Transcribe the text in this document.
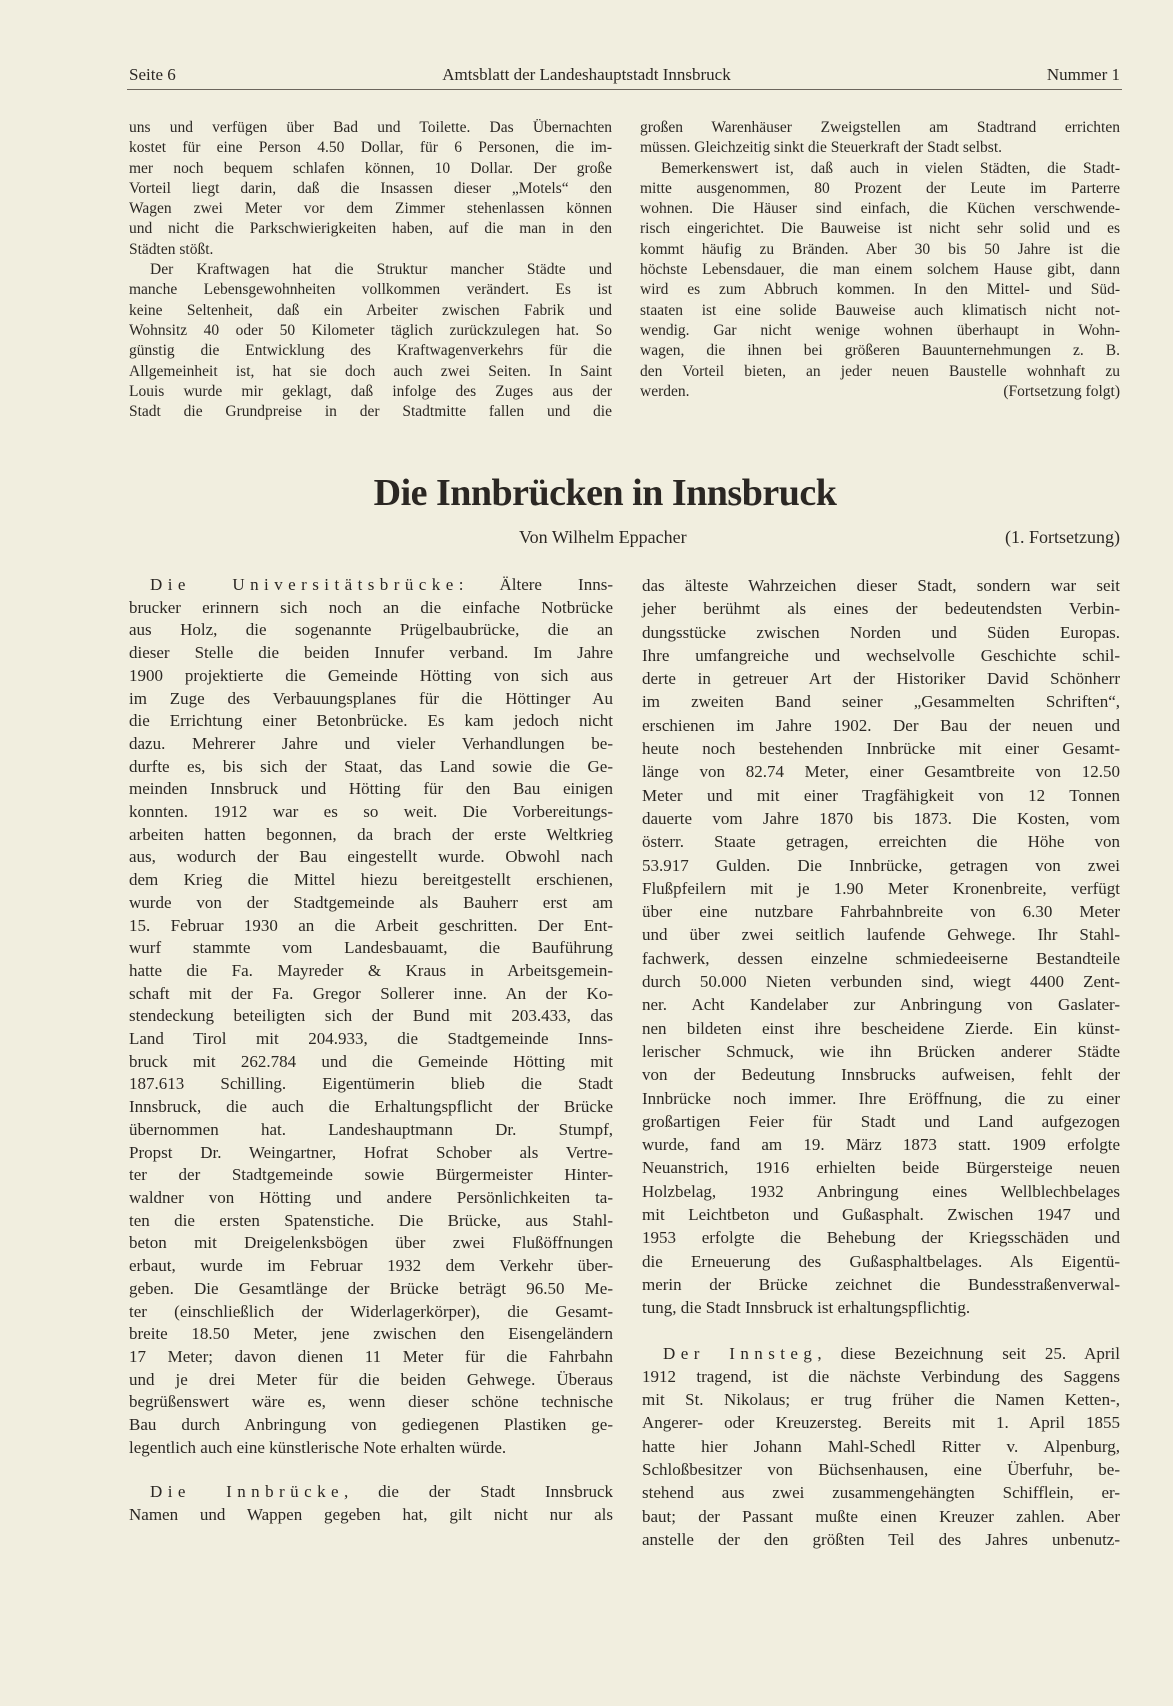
Seite 6	Amtsblatt der Landeshauptstadt Innsbruck	Nummer 1
uns und verfügen über Bad und Toilette. Das Übernachten
kostet für eine Person 4.50 Dollar, für 6 Personen, die im-
mer noch bequem schlafen können, 10 Dollar. Der große
Vorteil liegt darin, daß die Insassen dieser „Motels“ den
Wagen zwei Meter vor dem Zimmer stehenlassen können
und nicht die Parkschwierigkeiten haben, auf die man in den
Städten stößt.
Der Kraftwagen hat die Struktur mancher Städte und
manche Lebensgewohnheiten vollkommen verändert. Es ist
keine Seltenheit, daß ein Arbeiter zwischen Fabrik und
Wohnsitz 40 oder 50 Kilometer täglich zurückzulegen hat. So
günstig die Entwicklung des Kraftwagenverkehrs für die
Allgemeinheit ist, hat sie doch auch zwei Seiten. In Saint
Louis wurde mir geklagt, daß infolge des Zuges aus der
Stadt die Grundpreise in der Stadtmitte fallen und die
großen Warenhäuser Zweigstellen am Stadtrand errichten
müssen. Gleichzeitig sinkt die Steuerkraft der Stadt selbst.
Bemerkenswert ist, daß auch in vielen Städten, die Stadt-
mitte ausgenommen, 80 Prozent der Leute im Parterre
wohnen. Die Häuser sind einfach, die Küchen verschwende-
risch eingerichtet. Die Bauweise ist nicht sehr solid und es
kommt häufig zu Bränden. Aber 30 bis 50 Jahre ist die
höchste Lebensdauer, die man einem solchem Hause gibt, dann
wird es zum Abbruch kommen. In den Mittel- und Süd-
staaten ist eine solide Bauweise auch klimatisch nicht not-
wendig. Gar nicht wenige wohnen überhaupt in Wohn-
wagen, die ihnen bei größeren Bauunternehmungen z. B.
den Vorteil bieten, an jeder neuen Baustelle wohnhaft zu
werden.	(Fortsetzung folgt)
Die Innbrücken in Innsbruck
Von Wilhelm Eppacher	(1. Fortsetzung)
Die Universitätsbrücke: Ältere Inns-
brucker erinnern sich noch an die einfache Notbrücke
aus Holz, die sogenannte Prügelbaubrücke, die an
dieser Stelle die beiden Innufer verband. Im Jahre
1900 projektierte die Gemeinde Hötting von sich aus
im Zuge des Verbauungsplanes für die Höttinger Au
die Errichtung einer Betonbrücke. Es kam jedoch nicht
dazu. Mehrerer Jahre und vieler Verhandlungen be-
durfte es, bis sich der Staat, das Land sowie die Ge-
meinden Innsbruck und Hötting für den Bau einigen
konnten. 1912 war es so weit. Die Vorbereitungs-
arbeiten hatten begonnen, da brach der erste Weltkrieg
aus, wodurch der Bau eingestellt wurde. Obwohl nach
dem Krieg die Mittel hiezu bereitgestellt erschienen,
wurde von der Stadtgemeinde als Bauherr erst am
15. Februar 1930 an die Arbeit geschritten. Der Ent-
wurf stammte vom Landesbauamt, die Bauführung
hatte die Fa. Mayreder & Kraus in Arbeitsgemein-
schaft mit der Fa. Gregor Sollerer inne. An der Ko-
stendeckung beteiligten sich der Bund mit 203.433, das
Land Tirol mit 204.933, die Stadtgemeinde Inns-
bruck mit 262.784 und die Gemeinde Hötting mit
187.613 Schilling. Eigentümerin blieb die Stadt
Innsbruck, die auch die Erhaltungspflicht der Brücke
übernommen hat. Landeshauptmann Dr. Stumpf,
Propst Dr. Weingartner, Hofrat Schober als Vertre-
ter der Stadtgemeinde sowie Bürgermeister Hinter-
waldner von Hötting und andere Persönlichkeiten ta-
ten die ersten Spatenstiche. Die Brücke, aus Stahl-
beton mit Dreigelenksbögen über zwei Flußöffnungen
erbaut, wurde im Februar 1932 dem Verkehr über-
geben. Die Gesamtlänge der Brücke beträgt 96.50 Me-
ter (einschließlich der Widerlagerkörper), die Gesamt-
breite 18.50 Meter, jene zwischen den Eisengeländern
17 Meter; davon dienen 11 Meter für die Fahrbahn
und je drei Meter für die beiden Gehwege. Überaus
begrüßenswert wäre es, wenn dieser schöne technische
Bau durch Anbringung von gediegenen Plastiken ge-
legentlich auch eine künstlerische Note erhalten würde.
Die Innbrücke, die der Stadt Innsbruck
Namen und Wappen gegeben hat, gilt nicht nur als
das älteste Wahrzeichen dieser Stadt, sondern war seit
jeher berühmt als eines der bedeutendsten Verbin-
dungsstücke zwischen Norden und Süden Europas.
Ihre umfangreiche und wechselvolle Geschichte schil-
derte in getreuer Art der Historiker David Schönherr
im zweiten Band seiner „Gesammelten Schriften“,
erschienen im Jahre 1902. Der Bau der neuen und
heute noch bestehenden Innbrücke mit einer Gesamt-
länge von 82.74 Meter, einer Gesamtbreite von 12.50
Meter und mit einer Tragfähigkeit von 12 Tonnen
dauerte vom Jahre 1870 bis 1873. Die Kosten, vom
österr. Staate getragen, erreichten die Höhe von
53.917 Gulden. Die Innbrücke, getragen von zwei
Flußpfeilern mit je 1.90 Meter Kronenbreite, verfügt
über eine nutzbare Fahrbahnbreite von 6.30 Meter
und über zwei seitlich laufende Gehwege. Ihr Stahl-
fachwerk, dessen einzelne schmiedeeiserne Bestandteile
durch 50.000 Nieten verbunden sind, wiegt 4400 Zent-
ner. Acht Kandelaber zur Anbringung von Gaslater-
nen bildeten einst ihre bescheidene Zierde. Ein künst-
lerischer Schmuck, wie ihn Brücken anderer Städte
von der Bedeutung Innsbrucks aufweisen, fehlt der
Innbrücke noch immer. Ihre Eröffnung, die zu einer
großartigen Feier für Stadt und Land aufgezogen
wurde, fand am 19. März 1873 statt. 1909 erfolgte
Neuanstrich, 1916 erhielten beide Bürgersteige neuen
Holzbelag, 1932 Anbringung eines Wellblechbelages
mit Leichtbeton und Gußasphalt. Zwischen 1947 und
1953 erfolgte die Behebung der Kriegsschäden und
die Erneuerung des Gußasphaltbelages. Als Eigentü-
merin der Brücke zeichnet die Bundesstraßenverwal-
tung, die Stadt Innsbruck ist erhaltungspflichtig.
Der Innsteg, diese Bezeichnung seit 25. April
1912 tragend, ist die nächste Verbindung des Saggens
mit St. Nikolaus; er trug früher die Namen Ketten-,
Angerer- oder Kreuzersteg. Bereits mit 1. April 1855
hatte hier Johann Mahl-Schedl Ritter v. Alpenburg,
Schloßbesitzer von Büchsenhausen, eine Überfuhr, be-
stehend aus zwei zusammengehängten Schifflein, er-
baut; der Passant mußte einen Kreuzer zahlen. Aber
anstelle der den größten Teil des Jahres unbenutz-
